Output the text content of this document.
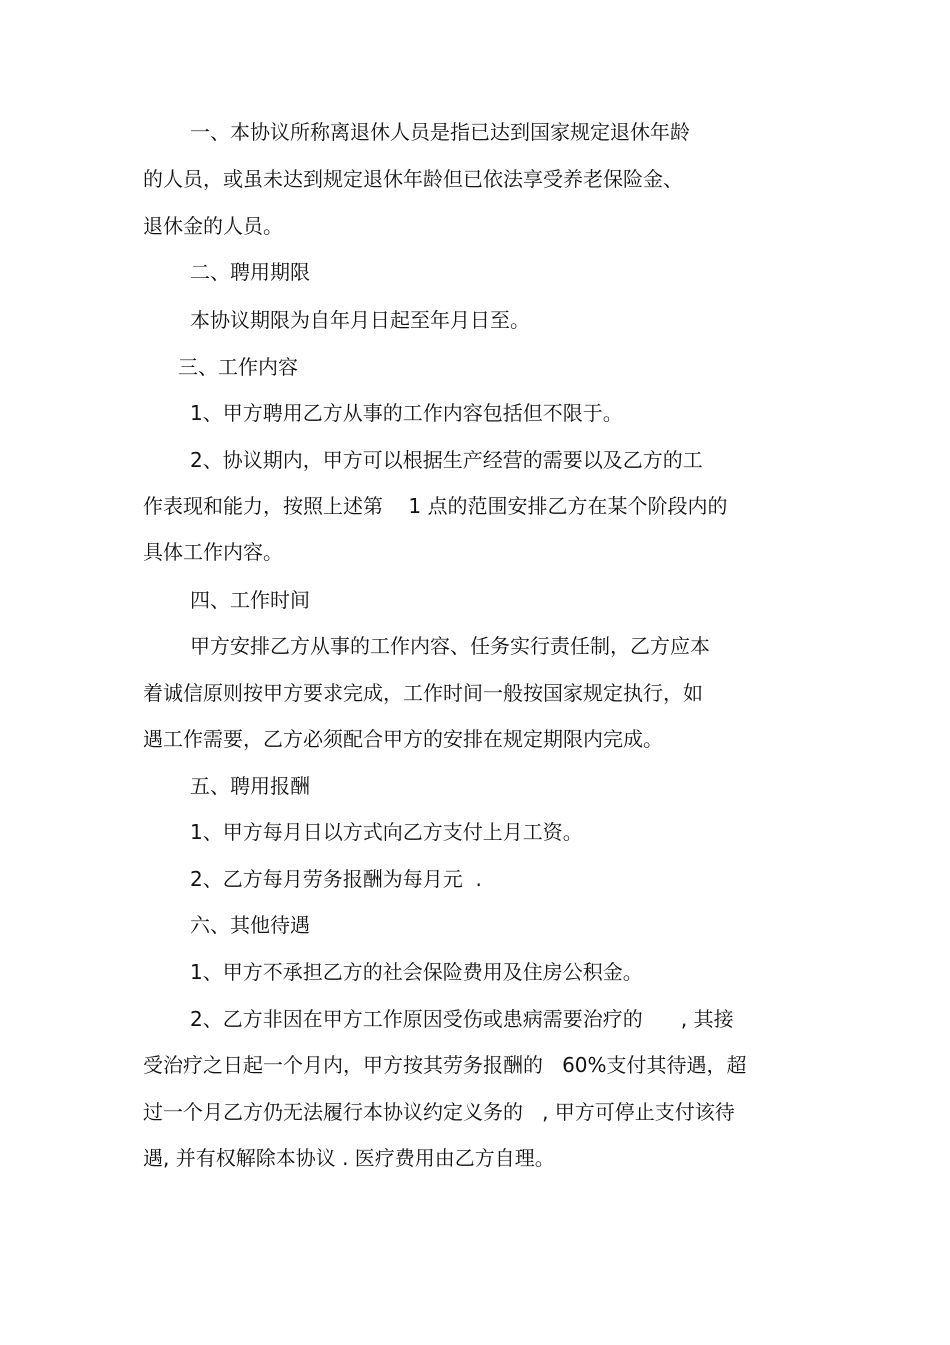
一、本协议所称离退休人员是指已达到国家规定退休年龄
的人员，或虽未达到规定退休年龄但已依法享受养老保险金、
退休金的人员。
二、聘用期限
本协议期限为自年月日起至年月日至。
三、工作内容
1、甲方聘用乙方从事的工作内容包括但不限于。
2、协议期内，甲方可以根据生产经营的需要以及乙方的工
作表现和能力，按照上述第    1 点的范围安排乙方在某个阶段内的
具体工作内容。
四、工作时间
甲方安排乙方从事的工作内容、任务实行责任制，乙方应本
着诚信原则按甲方要求完成，工作时间一般按国家规定执行，如
遇工作需要，乙方必须配合甲方的安排在规定期限内完成。
五、聘用报酬
1、甲方每月日以方式向乙方支付上月工资。
2、乙方每月劳务报酬为每月元  .
六、其他待遇
1、甲方不承担乙方的社会保险费用及住房公积金。
2、乙方非因在甲方工作原因受伤或患病需要治疗的      , 其接
受治疗之日起一个月内，甲方按其劳务报酬的   60%支付其待遇，超
过一个月乙方仍无法履行本协议约定义务的   , 甲方可停止支付该待
遇, 并有权解除本协议 . 医疗费用由乙方自理。
